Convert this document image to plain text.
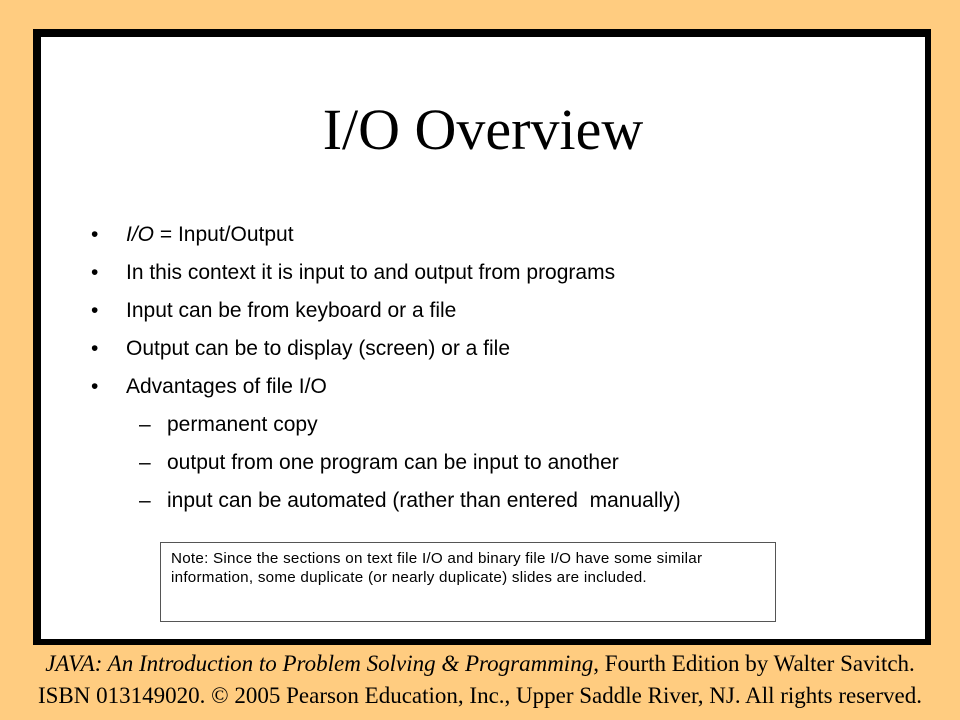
I/O Overview
•	I/O = Input/Output
•	In this context it is input to and output from programs
•	Input can be from keyboard or a file
•	Output can be to display (screen) or a file
•	Advantages of file I/O
– permanent copy
– output from one program can be input to another
– input can be automated (rather than entered  manually)
Note: Since the sections on text file I/O and binary file I/O have some similar information, some duplicate (or nearly duplicate) slides are included.
JAVA: An Introduction to Problem Solving & Programming, Fourth Edition by Walter Savitch.
ISBN 013149020. © 2005 Pearson Education, Inc., Upper Saddle River, NJ. All rights reserved.
